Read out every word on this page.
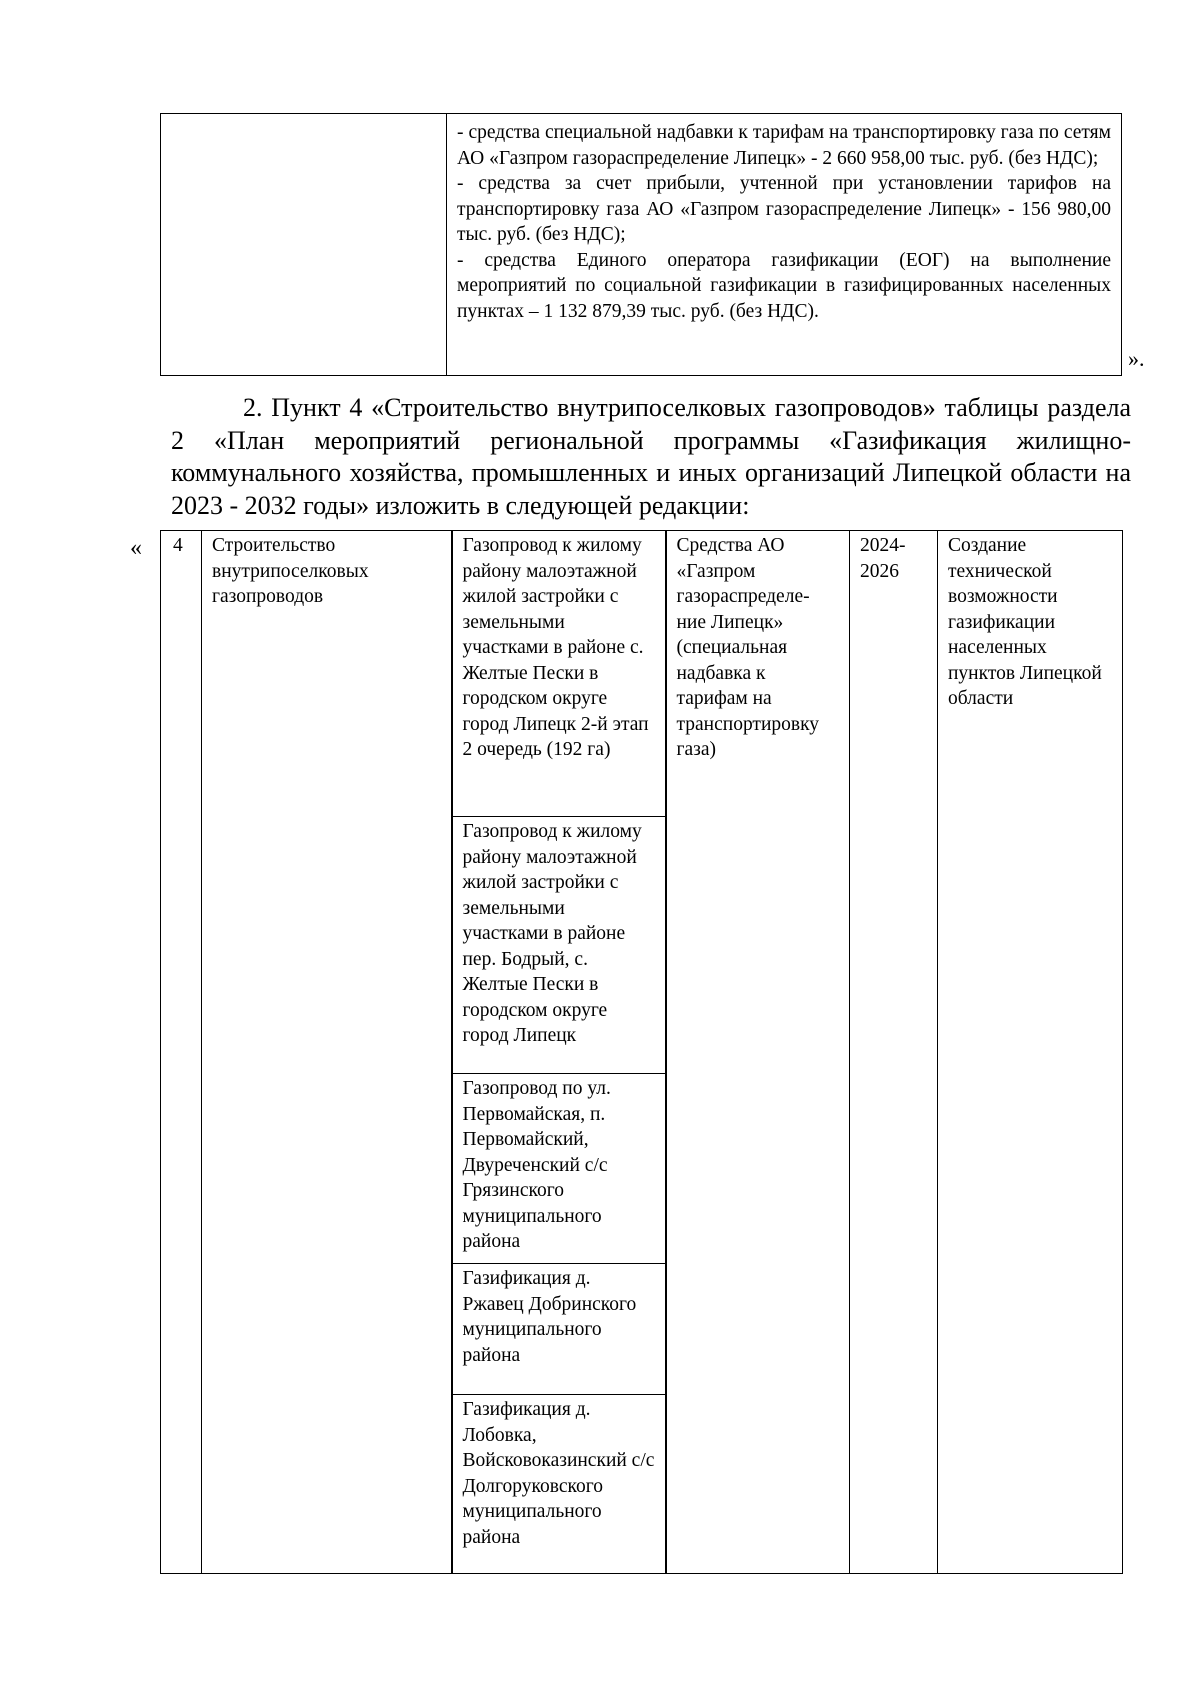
- средства специальной надбавки к тарифам на транспортировку газа по сетям АО «Газпром газораспределение Липецк» - 2 660 958,00 тыс. руб. (без НДС);

- средства за счет прибыли, учтенной при установлении тарифов на транспортировку газа АО «Газпром газораспределение Липецк» - 156 980,00 тыс. руб. (без НДС);

- средства Единого оператора газификации (ЕОГ) на выполнение мероприятий по социальной газификации в газифицированных населенных пунктах – 1 132 879,39 тыс. руб. (без НДС).

».

2. Пункт 4 «Строительство внутрипоселковых газопроводов» таблицы раздела 2 «План мероприятий региональной программы «Газификация жилищно-коммунального хозяйства, промышленных и иных организаций Липецкой области на 2023 - 2032 годы» изложить в следующей редакции:

« 4	Строительство внутрипоселковых газопроводов	Газопровод к жилому району малоэтажной жилой застройки с земельными участками в районе с. Желтые Пески в городском округе город Липецк 2-й этап 2 очередь (192 га)	Средства АО «Газпром газораспределе-ние Липецк» (специальная надбавка к тарифам на транспортировку газа)	2024-2026	Создание технической возможности газификации населенных пунктов Липецкой области
Газопровод к жилому району малоэтажной жилой застройки с земельными участками в районе пер. Бодрый, с. Желтые Пески в городском округе город Липецк
Газопровод по ул. Первомайская, п. Первомайский, Двуреченский с/с Грязинского муниципального района
Газификация д. Ржавец Добринского муниципального района
Газификация д. Лобовка, Войсковоказинский с/с Долгоруковского муниципального района
